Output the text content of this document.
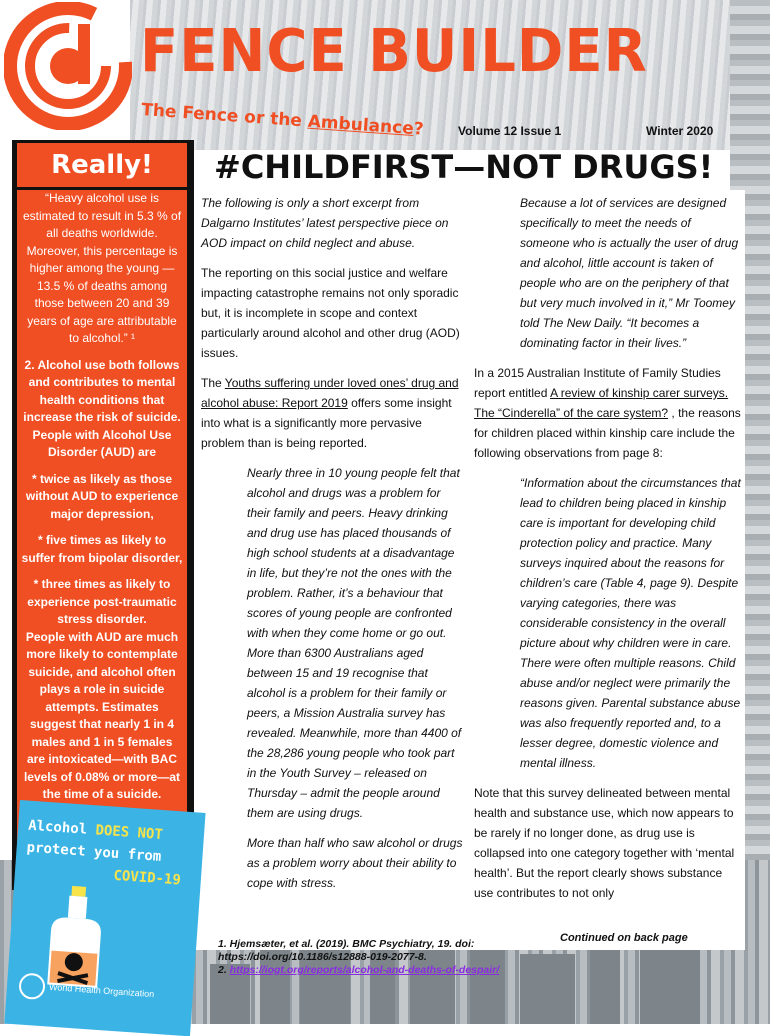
FENCE BUILDER
The Fence or the Ambulance?	Volume 12 Issue 1	Winter 2020
Really!

“Heavy alcohol use is estimated to result in 5.3 % of all deaths worldwide. Moreover, this percentage is higher among the young — 13.5 % of deaths among those between 20 and 39 years of age are attributable to alcohol.” ¹

2. Alcohol use both follows and contributes to mental health conditions that increase the risk of suicide. People with Alcohol Use Disorder (AUD) are

* twice as likely as those without AUD to experience major depression,

* five times as likely to suffer from bipolar disorder,

* three times as likely to experience post-traumatic stress disorder.

People with AUD are much more likely to contemplate suicide, and alcohol often plays a role in suicide attempts. Estimates suggest that nearly 1 in 4 males and 1 in 5 females are intoxicated—with BAC levels of 0.08% or more—at the time of a suicide.

Alcohol DOES NOT
protect you from
COVID-19
World Health Organization
#CHILDFIRST—NOT DRUGS!

The following is only a short excerpt from Dalgarno Institutes’ latest perspective piece on AOD impact on child neglect and abuse.

The reporting on this social justice and welfare impacting catastrophe remains not only sporadic but, it is incomplete in scope and context particularly around alcohol and other drug (AOD) issues.

The Youths suffering under loved ones’ drug and alcohol abuse: Report 2019 offers some insight into what is a significantly more pervasive problem than is being reported.

Nearly three in 10 young people felt that alcohol and drugs was a problem for their family and peers. Heavy drinking and drug use has placed thousands of high school students at a disadvantage in life, but they’re not the ones with the problem. Rather, it’s a behaviour that scores of young people are confronted with when they come home or go out. More than 6300 Australians aged between 15 and 19 recognise that alcohol is a problem for their family or peers, a Mission Australia survey has revealed. Meanwhile, more than 4400 of the 28,286 young people who took part in the Youth Survey – released on Thursday – admit the people around them are using drugs.

More than half who saw alcohol or drugs as a problem worry about their ability to cope with stress.

Because a lot of services are designed specifically to meet the needs of someone who is actually the user of drug and alcohol, little account is taken of people who are on the periphery of that but very much involved in it,” Mr Toomey told The New Daily. “It becomes a dominating factor in their lives.”

In a 2015 Australian Institute of Family Studies report entitled A review of kinship carer surveys. The “Cinderella” of the care system? , the reasons for children placed within kinship care include the following observations from page 8:

“Information about the circumstances that lead to children being placed in kinship care is important for developing child protection policy and practice. Many surveys inquired about the reasons for children’s care (Table 4, page 9). Despite varying categories, there was considerable consistency in the overall picture about why children were in care. There were often multiple reasons. Child abuse and/or neglect were primarily the reasons given. Parental substance abuse was also frequently reported and, to a lesser degree, domestic violence and mental illness.

Note that this survey delineated between mental health and substance use, which now appears to be rarely if no longer done, as drug use is collapsed into one category together with ‘mental health’. But the report clearly shows substance use contributes to not only

Continued on back page
1. Hjemsæter, et al. (2019). BMC Psychiatry, 19. doi: https://doi.org/10.1186/s12888-019-2077-8.
2. https://iogt.org/reports/alcohol-and-deaths-of-despair/
